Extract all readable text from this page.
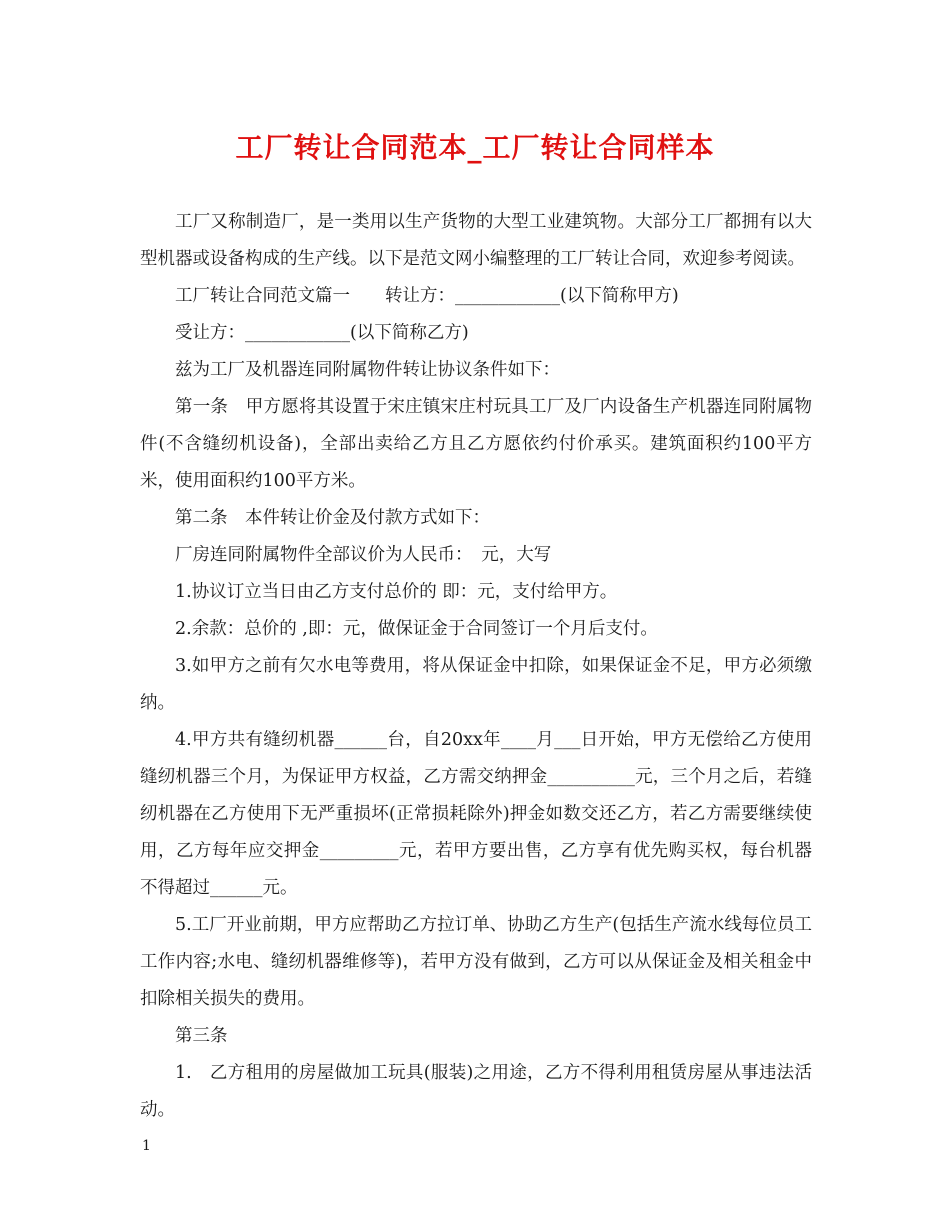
工厂转让合同范本_工厂转让合同样本

工厂又称制造厂，是一类用以生产货物的大型工业建筑物。大部分工厂都拥有以大型机器或设备构成的生产线。以下是范文网小编整理的工厂转让合同，欢迎参考阅读。

工厂转让合同范文篇一　　转让方：____________(以下简称甲方)

受让方：____________(以下简称乙方)

兹为工厂及机器连同附属物件转让协议条件如下：

第一条　甲方愿将其设置于宋庄镇宋庄村玩具工厂及厂内设备生产机器连同附属物件(不含缝纫机设备)，全部出卖给乙方且乙方愿依约付价承买。建筑面积约100平方米，使用面积约100平方米。

第二条　本件转让价金及付款方式如下：

厂房连同附属物件全部议价为人民币：　元，大写

1.协议订立当日由乙方支付总价的 即：元，支付给甲方。

2.余款：总价的 ,即：元，做保证金于合同签订一个月后支付。

3.如甲方之前有欠水电等费用，将从保证金中扣除，如果保证金不足，甲方必须缴纳。

4.甲方共有缝纫机器______台，自20xx年____月___日开始，甲方无偿给乙方使用缝纫机器三个月，为保证甲方权益，乙方需交纳押金__________元，三个月之后，若缝纫机器在乙方使用下无严重损坏(正常损耗除外)押金如数交还乙方，若乙方需要继续使用，乙方每年应交押金_________元，若甲方要出售，乙方享有优先购买权，每台机器不得超过______元。

5.工厂开业前期，甲方应帮助乙方拉订单、协助乙方生产(包括生产流水线每位员工工作内容;水电、缝纫机器维修等)，若甲方没有做到，乙方可以从保证金及相关租金中扣除相关损失的费用。

第三条

1.　乙方租用的房屋做加工玩具(服装)之用途，乙方不得利用租赁房屋从事违法活动。

1
